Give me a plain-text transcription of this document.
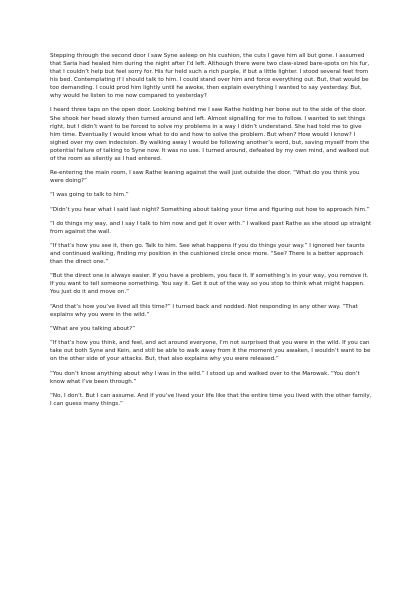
Stepping through the second door I saw Syne asleep on his cushion, the cuts I gave him all but gone. I assumed that Saria had healed him during the night after I’d left. Although there were two claw-sized bare-spots on his fur, that I couldn’t help but feel sorry for. His fur held such a rich purple, if but a little lighter. I stood several feet from his bed. Contemplating if I should talk to him. I could stand over him and force everything out. But, that would be too demanding. I could prod him lightly until he awoke, then explain everything I wanted to say yesterday. But, why would he listen to me now compared to yesterday?

I heard three taps on the open door. Looking behind me I saw Rathe holding her bone out to the side of the door. She shook her head slowly then turned around and left. Almost signalling for me to follow. I wanted to set things right, but I didn’t want to be forced to solve my problems in a way I didn’t understand. She had told me to give him time. Eventually I would know what to do and how to solve the problem. But when? How would I know? I sighed over my own indecision. By walking away I would be following another’s word, but, saving myself from the potential failure of talking to Syne now. It was no use. I turned around, defeated by my own mind, and walked out of the room as silently as I had entered.

Re-entering the main room, I saw Rathe leaning against the wall just outside the door. “What do you think you were doing?”

“I was going to talk to him.”

“Didn’t you hear what I said last night? Something about taking your time and figuring out how to approach him.”

“I do things my way, and I say I talk to him now and get it over with.” I walked past Rathe as she stood up straight from against the wall.

“If that’s how you see it, then go. Talk to him. See what happens if you do things your way.” I ignored her taunts and continued walking, finding my position in the cushioned circle once more. “See? There is a better approach than the direct one.”

“But the direct one is always easier. If you have a problem, you face it. If something’s in your way, you remove it. If you want to tell someone something. You say it. Get it out of the way so you stop to think what might happen. You just do it and move on.”

“And that’s how you’ve lived all this time?” I turned back and nodded. Not responding in any other way. “That explains why you were in the wild.”

“What are you talking about?”

“If that’s how you think, and feel, and act around everyone, I’m not surprised that you were in the wild. If you can take out both Syne and Kein, and still be able to walk away from it the moment you awaken, I wouldn’t want to be on the other side of your attacks. But, that also explains why you were released.”

“You don’t know anything about why I was in the wild.” I stood up and walked over to the Marowak. “You don’t know what I’ve been through.”

“No, I don’t. But I can assume. And if you’ve lived your life like that the entire time you lived with the other family, I can guess many things.”
